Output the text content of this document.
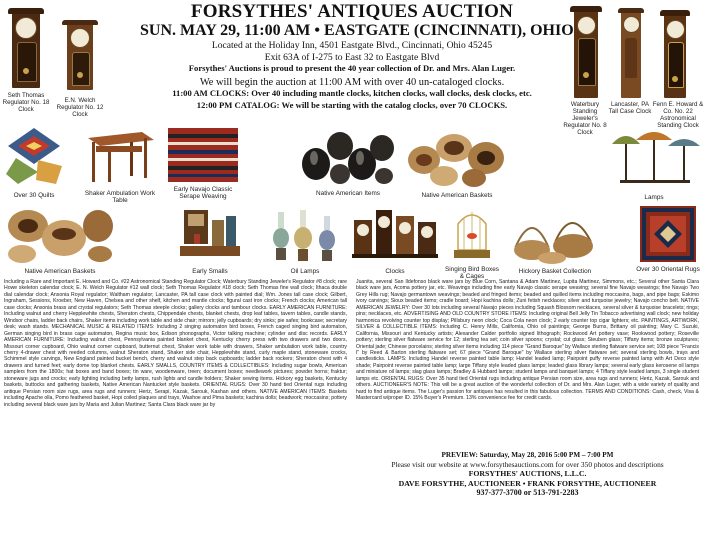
FORSYTHES' ANTIQUES AUCTION
SUN. MAY 29, 11:00 AM • EASTGATE (CINCINNATI), OHIO
Located at the Holiday Inn, 4501 Eastgate Blvd., Cincinnati, Ohio 45245
Exit 63A of I-275 to East 32 to Eastgate Blvd
Forsythes' Auctions is proud to present the 40 year collection of Dr. and Mrs. Alan Luger.
We will begin the auction at 11:00 AM with over 40 un-cataloged clocks.
11:00 AM CLOCKS: Over 40 including mantle clocks, kitchen clocks, wall clocks, desk clocks, etc.
12:00 PM CATALOG: We will be starting with the catalog clocks, over 70 CLOCKS.
Seth Thomas Regulator No. 18 Clock
E.N. Welch Regulator No. 12 Clock
Waterbury Standing Jeweler's Regulator No. 8 Clock
Lancaster, PA Tall Case Clock
Fenn E. Howard & Co. No. 22 Astronomical Standing Clock
Over 30 Quilts	Shaker Ambulation Work Table
Early Navajo Classic Serape Weaving	Native American Items	Native American Baskets	Lamps
Native American Baskets	Early Smalls	Oil Lamps	Clocks	Singing Bird Boxes & Cages
Hickory Basket Collection	Over 30 Oriental Rugs
Including a Rare and Important E. Howard and Co. #22 Astronomical Standing Regulator Clock; Waterbury Standing Jeweler's Regulator #8 clock; rare Howe skeleton calendar clock; E. N. Welch Regulator #12 wall clock; Seth Thomas Regulator #18 clock; Seth Thomas fine wall clock; Ithaca double dial calendar clock; Ansonia Royal regulator; Waltham regulator; Lancaster, PA tall case clock with painted dial; Wm. Jones tall case clock; Gilbert, Ingraham, Sessions, Kroeber, New Haven, Chelsea and other shelf, kitchen and mantle clocks; figural cast iron clocks; French clocks; American tall case clocks; Ansonia brass and crystal regulators; Seth Thomas steeple clocks; gallery clocks and tambour clocks. EARLY AMERICAN FURNITURE: Including walnut and cherry Hepplewhite chests, Sheraton chests, Chippendale chests, blanket chests, drop leaf tables, tavern tables, candle stands, Windsor chairs, ladder back chairs, Shaker items including work table and side chair; mirrors; jelly cupboards; dry sinks; pie safes; bookcase; secretary desk; wash stands. MECHANICAL MUSIC & RELATED ITEMS: Including 2 singing automaton bird boxes, French caged singing bird automaton, German singing bird in brass cage automaton, Regina music box, Edison phonographs, Victor talking machine; cylinder and disc records. EARLY AMERICAN FURNITURE: Including walnut chest, Pennsylvania painted blanket chest, Kentucky cherry press with two drawers and two doors, Missouri corner cupboard, Ohio walnut corner cupboard, butternut chest, Shaker work table with drawers, Shaker ambulation work table, country cherry 4-drawer chest with reeded columns, walnut Sheraton stand, Shaker side chair, Hepplewhite stand, curly maple stand, stoneware crocks, Schimmel style carvings, New England painted bucket bench, cherry and walnut step back cupboards; ladder back rockers; Sheraton chest with 4 drawers and turned feet; early dome top blanket chests. EARLY SMALLS, COUNTRY ITEMS & COLLECTIBLES: Including sugar bowls, American samplers from the 1800s; hat boxes and band boxes; tin ware, woodenware, treen; document boxes; needlework pictures; powder horns; fraktur; stoneware jugs and crocks; early lighting including betty lamps, rush lights and candle holders; Shaker sewing items. Hickory egg baskets, Kentucky baskets, buttocks and gathering baskets, Native American Nantucket style baskets. ORIENTAL RUGS: Over 30 hand tied Oriental rugs including antique Persian room size rugs, area rugs and runners; Heriz, Serapi, Kazak, Sarouk, Kashan and others. NATIVE AMERICAN ITEMS: Baskets including Apache olla, Pomo feathered basket, Hopi coiled plaques and trays, Washoe and Pima baskets; kachina dolls; beadwork; moccasins; pottery including several black ware jars by Maria and Julian Martinez; Santa Clara black ware jar by
Juanita, several San Ildefonso black ware jars by Blue Corn, Santana & Adam Martinez, Lupita Martinez, Simmons, etc.; Several other Santa Clara black ware jars, Acoma pottery jar, etc. Weavings including fine early Navajo classic serape weaving; several fine Navajo weavings; fine Navajo Two Grey Hills rug; Navajo germantown weavings; beaded and fringed items; beaded and quilled items including moccasins, bags, and pipe bags; Eskimo ivory carvings; Sioux beaded items; cradle board; Hopi kachina dolls; Zuni fetish necklaces; silver and turquoise jewelry; Navajo concho belt. NATIVE AMERICAN JEWELRY: Over 30 lots including several Navajo pieces including Squash Blossom necklaces, several silver & turquoise bracelets; rings; pins; necklaces, etc. ADVERTISING AND OLD COUNTRY STORE ITEMS: Including original Bell Jelly Tin Tobacco advertising wall clock; new holiday harmonica revolving counter top display; Pillsbury neon clock; Coca Cola neon clock; 2 early counter top cigar lighters; etc. PAINTINGS, ARTWORK, SILVER & COLLECTIBLE ITEMS: Including C. Henry Mills, California, Ohio oil paintings; George Burns, Brittany oil painting; Mary C. Suzuki, California, Missouri and Kentucky artists; Alexander Calder portfolio signed lithograph; Rockwood Art pottery vase; Rookwood pottery; Roseville pottery; sterling silver flatware service for 12; sterling tea set; coin silver spoons; crystal; cut glass; Steuben glass; Tiffany items; bronze sculptures; Oriental jade; Chinese porcelains; sterling silver items including 114 piece "Grand Baroque" by Wallace sterling flatware service set; 108 piece "Francis I" by Reed & Barton sterling flatware set; 67 piece "Grand Baroque" by Wallace sterling silver flatware set; several sterling bowls, trays and candlesticks. LAMPS: Including Handel reverse painted table lamp; Handel leaded lamp; Pairpoint puffy reverse painted lamp with Art Deco style shade; Pairpoint reverse painted table lamp; large Tiffany style leaded glass lamps; leaded glass library lamps; several early glass kerosene oil lamps and miniature oil lamps; slag glass lamps; Bradley & Hubbard lamps; student lamps and banquet lamps; 4 Tiffany style leaded lamps, 3 single student lamps etc. ORIENTAL RUGS: Over 35 hand tied Oriental rugs including antique Persian room size, area rugs and runners; Heriz, Kazak, Sarouk and others. AUCTIONEER'S NOTE: This will be a great auction of the wonderful collection of Dr. and Mrs. Alan Luger, with a wide variety of quality and hard to find antique items. The Luger's passion for antiques has resulted in this fabulous collection. TERMS AND CONDITIONS: Cash, check, Visa & Mastercard w/proper ID. 15% Buyer's Premium. 13% convenience fee for credit cards.
PREVIEW: Saturday, May 28, 2016 5:00 PM – 7:00 PM
Please visit our website at www.forsythesauctions.com for over 350 photos and descriptions
FORSYTHES' AUCTIONS, L.L.C.
DAVE FORSYTHE, AUCTIONEER • FRANK FORSYTHE, AUCTIONEER
937-377-3700 or 513-791-2283
